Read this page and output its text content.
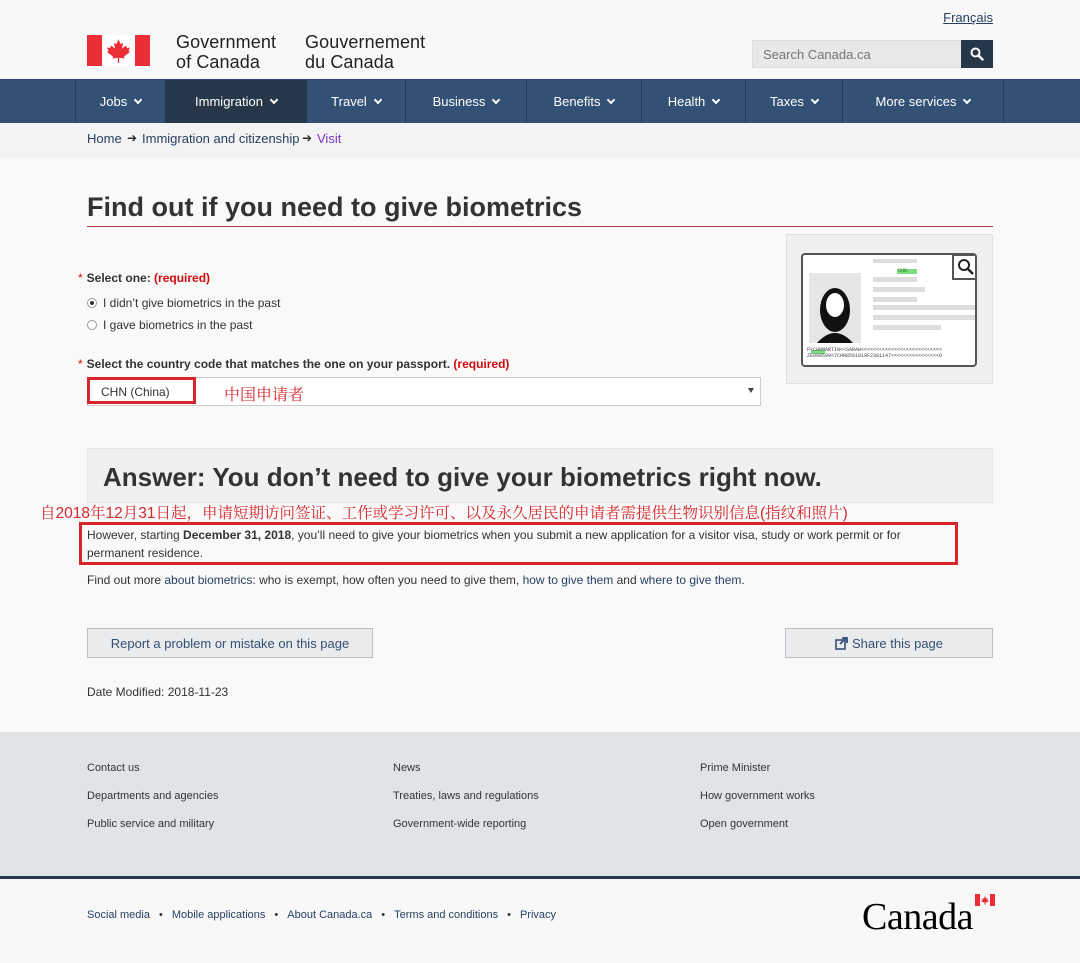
Français
Government
of Canada
Gouvernement
du Canada
Search Canada.ca
Jobs	Immigration	Travel	Business	Benefits	Health	Taxes	More services
Home ➜ Immigration and citizenship ➜ Visit
Find out if you need to give biometrics
* Select one: (required)
I didn’t give biometrics in the past
I gave biometrics in the past
* Select the country code that matches the one on your passport. (required)
CHN (China)	中国申请者
CHN
P<CHNMARTIN<<SARAH<<<<<<<<<<<<<<<<<<<<<<<<<<<
ZE000509<7CHN8501019F2301147<<<<<<<<<<<<<<<<0
Answer: You don’t need to give your biometrics right now.
自2018年12月31日起，申请短期访问签证、工作或学习许可、以及永久居民的申请者需提供生物识别信息(指纹和照片)
However, starting December 31, 2018, you’ll need to give your biometrics when you submit a new application for a visitor visa, study or work permit or for permanent residence.
Find out more about biometrics: who is exempt, how often you need to give them, how to give them and where to give them.
Report a problem or mistake on this page	Share this page
Date Modified: 2018-11-23
Contact us
Departments and agencies
Public service and military
News
Treaties, laws and regulations
Government-wide reporting
Prime Minister
How government works
Open government
Social media • Mobile applications • About Canada.ca • Terms and conditions • Privacy	Canada
